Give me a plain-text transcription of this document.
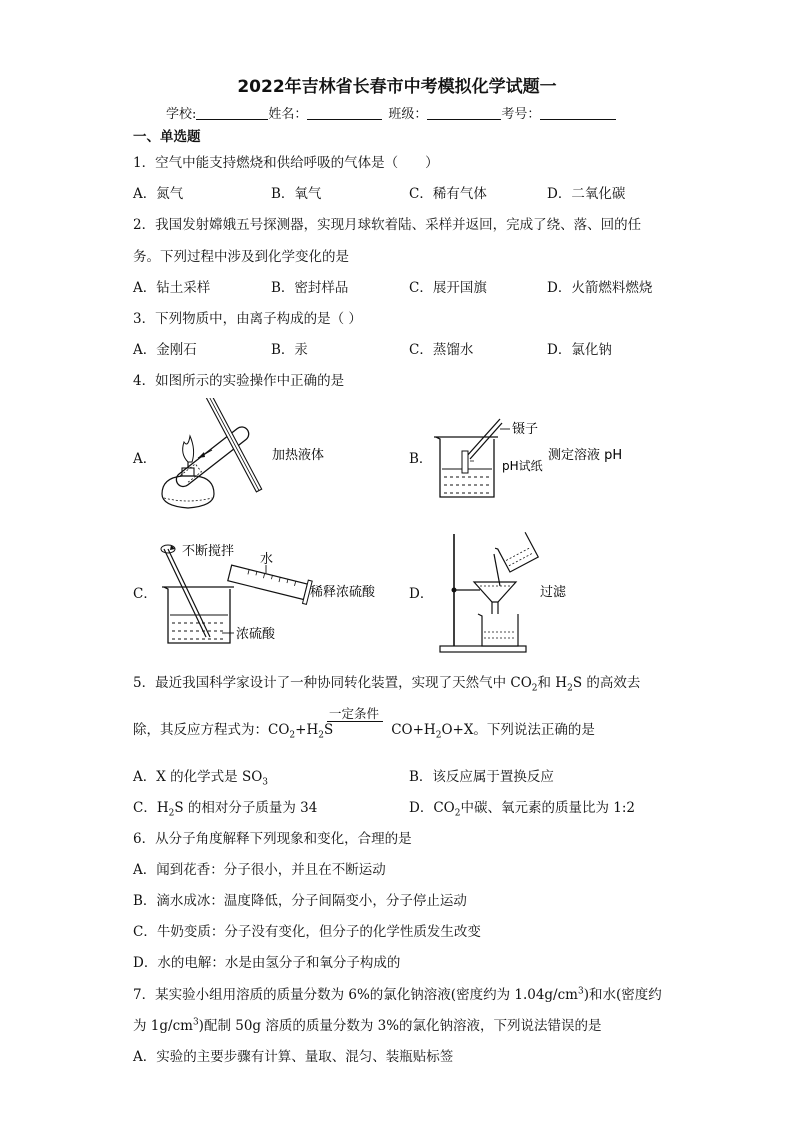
2022年吉林省长春市中考模拟化学试题一
学校:	姓名：	班级：	考号：
一、单选题
1．空气中能支持燃烧和供给呼吸的气体是（　　）
A．氮气	B．氧气	C．稀有气体	D．二氧化碳
2．我国发射嫦娥五号探测器，实现月球软着陆、采样并返回，完成了绕、落、回的任
务。下列过程中涉及到化学变化的是
A．钻土采样	B．密封样品	C．展开国旗	D．火箭燃料燃烧
3．下列物质中，由离子构成的是（ ）
A．金刚石	B．汞	C．蒸馏水	D．氯化钠
4．如图所示的实验操作中正确的是
A．	B．
C．	D．
加热液体
镊子
pH试纸
测定溶液 pH
不断搅拌
水
稀释浓硫酸
浓硫酸
过滤
5．最近我国科学家设计了一种协同转化装置，实现了天然气中 $CO_2$和 $H_2S$ 的高效去
一定条件
除，其反应方程式为：$CO_2+H_2S$	$CO+H_2O+X$。下列说法正确的是
A．X 的化学式是 $SO_3$	B．该反应属于置换反应
C．$H_2S$ 的相对分子质量为 34	D．$CO_2$中碳、氧元素的质量比为 1:2
6．从分子角度解释下列现象和变化，合理的是
A．闻到花香：分子很小，并且在不断运动
B．滴水成冰：温度降低，分子间隔变小，分子停止运动
C．牛奶变质：分子没有变化，但分子的化学性质发生改变
D．水的电解：水是由氢分子和氧分子构成的
7．某实验小组用溶质的质量分数为 6%的氯化钠溶液(密度约为 $1.04g/cm^3$)和水(密度约
为 $1g/cm^3$)配制 50g 溶质的质量分数为 3%的氯化钠溶液，下列说法错误的是
A．实验的主要步骤有计算、量取、混匀、装瓶贴标签
